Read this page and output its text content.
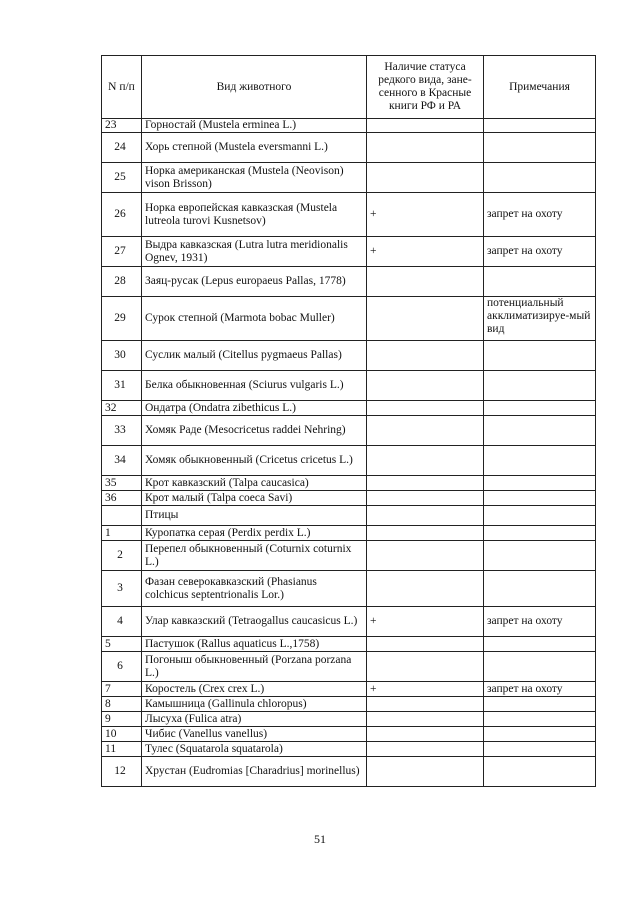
N п/п	Вид животного	Наличие статуса редкого вида, зане-сенного в Красные книги РФ и РА	Примечания
23	Горностай (Mustela erminea L.)		
24	Хорь степной (Mustela eversmanni L.)		
25	Норка американская (Mustela (Neovison) vison Brisson)		
26	Норка европейская кавказская (Mustela lutreola turovi Kusnetsov)	+	запрет на охоту
27	Выдра кавказская (Lutra lutra meridionalis Ognev, 1931)	+	запрет на охоту
28	Заяц-русак (Lepus europaeus Pallas, 1778)		
29	Сурок степной (Marmota bobac Muller)		потенциальный акклиматизируе-мый вид
30	Суслик малый (Citellus pygmaeus Pallas)		
31	Белка обыкновенная (Sciurus vulgaris L.)		
32	Ондатра (Ondatra zibethicus L.)		
33	Хомяк Раде (Mesocricetus raddei Nehring)		
34	Хомяк обыкновенный (Cricetus cricetus L.)		
35	Крот кавказский (Talpa caucasica)		
36	Крот малый (Talpa coeca Savi)		
	Птицы		
1	Куропатка серая (Perdix perdix L.)		
2	Перепел обыкновенный (Coturnix coturnix L.)		
3	Фазан северокавказский (Phasianus colchicus septentrionalis Lor.)		
4	Улар кавказский (Tetraogallus caucasicus L.)	+	запрет на охоту
5	Пастушок (Rallus aquaticus L.,1758)		
6	Погоныш обыкновенный (Porzana porzana L.)		
7	Коростель (Crex crex L.)	+	запрет на охоту
8	Камышница (Gallinula chloropus)		
9	Лысуха (Fulica atra)		
10	Чибис (Vanellus vanellus)		
11	Тулес (Squatarola squatarola)		
12	Хрустан (Eudromias [Charadrius] morinellus)		
51
